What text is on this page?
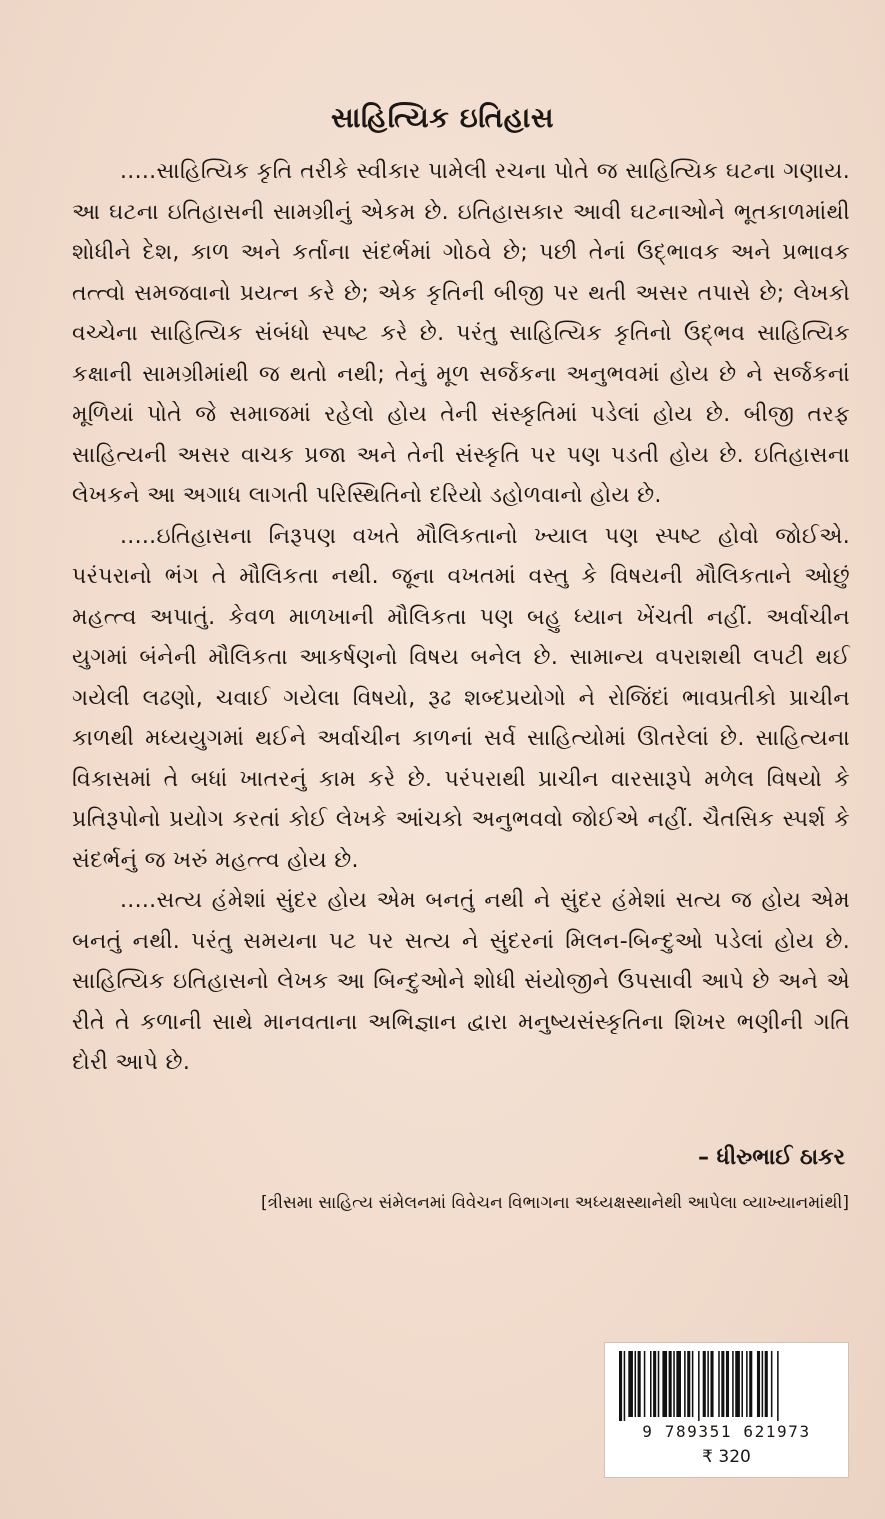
સાહિત્યિક ઇતિહાસ

.....સાહિત્યિક કૃતિ તરીકે સ્વીકાર પામેલી રચના પોતે જ સાહિત્યિક ઘટના ગણાય. આ ઘટના ઇતિહાસની સામગ્રીનું એકમ છે. ઇતિહાસકાર આવી ઘટનાઓને ભૂતકાળમાંથી શોધીને દેશ, કાળ અને કર્તાના સંદર્ભમાં ગોઠવે છે; પછી તેનાં ઉદ્‌ભાવક અને પ્રભાવક તત્ત્વો સમજવાનો પ્રયત્ન કરે છે; એક કૃતિની બીજી પર થતી અસર તપાસે છે; લેખકો વચ્ચેના સાહિત્યિક સંબંધો સ્પષ્ટ કરે છે. પરંતુ સાહિત્યિક કૃતિનો ઉદ્‌ભવ સાહિત્યિક કક્ષાની સામગ્રીમાંથી જ થતો નથી; તેનું મૂળ સર્જકના અનુભવમાં હોય છે ને સર્જકનાં મૂળિયાં પોતે જે સમાજમાં રહેલો હોય તેની સંસ્કૃતિમાં પડેલાં હોય છે. બીજી તરફ સાહિત્યની અસર વાચક પ્રજા અને તેની સંસ્કૃતિ પર પણ પડતી હોય છે. ઇતિહાસના લેખકને આ અગાધ લાગતી પરિસ્થિતિનો દરિયો ડહોળવાનો હોય છે.

.....ઇતિહાસના નિરૂપણ વખતે મૌલિકતાનો ખ્યાલ પણ સ્પષ્ટ હોવો જોઈએ. પરંપરાનો ભંગ તે મૌલિકતા નથી. જૂના વખતમાં વસ્તુ કે વિષયની મૌલિકતાને ઓછું મહત્ત્વ અપાતું. કેવળ માળખાની મૌલિકતા પણ બહુ ધ્યાન ખેંચતી નહીં. અર્વાચીન યુગમાં બંનેની મૌલિકતા આકર્ષણનો વિષય બનેલ છે. સામાન્ય વપરાશથી લપટી થઈ ગયેલી લઢણો, ચવાઈ ગયેલા વિષયો, રૂઢ શબ્દપ્રયોગો ને રોજિંદાં ભાવપ્રતીકો પ્રાચીન કાળથી મધ્યયુગમાં થઈને અર્વાચીન કાળનાં સર્વ સાહિત્યોમાં ઊતરેલાં છે. સાહિત્યના વિકાસમાં તે બધાં ખાતરનું કામ કરે છે. પરંપરાથી પ્રાચીન વારસારૂપે મળેલ વિષયો કે પ્રતિરૂપોનો પ્રયોગ કરતાં કોઈ લેખકે આંચકો અનુભવવો જોઈએ નહીં. ચૈતસિક સ્પર્શ કે સંદર્ભનું જ ખરું મહત્ત્વ હોય છે.

.....સત્ય હંમેશાં સુંદર હોય એમ બનતું નથી ને સુંદર હંમેશાં સત્ય જ હોય એમ બનતું નથી. પરંતુ સમયના પટ પર સત્ય ને સુંદરનાં મિલન-બિન્દુઓ પડેલાં હોય છે. સાહિત્યિક ઇતિહાસનો લેખક આ બિન્દુઓને શોધી સંયોજીને ઉપસાવી આપે છે અને એ રીતે તે કળાની સાથે માનવતાના અભિજ્ઞાન દ્વારા મનુષ્યસંસ્કૃતિના શિખર ભણીની ગતિ દોરી આપે છે.

– ધીરુભાઈ ઠાકર
[ત્રીસમા સાહિત્ય સંમેલનમાં વિવેચન વિભાગના અધ્યક્ષસ્થાનેથી આપેલા વ્યાખ્યાનમાંથી]
9 789351 621973
₹ 320
